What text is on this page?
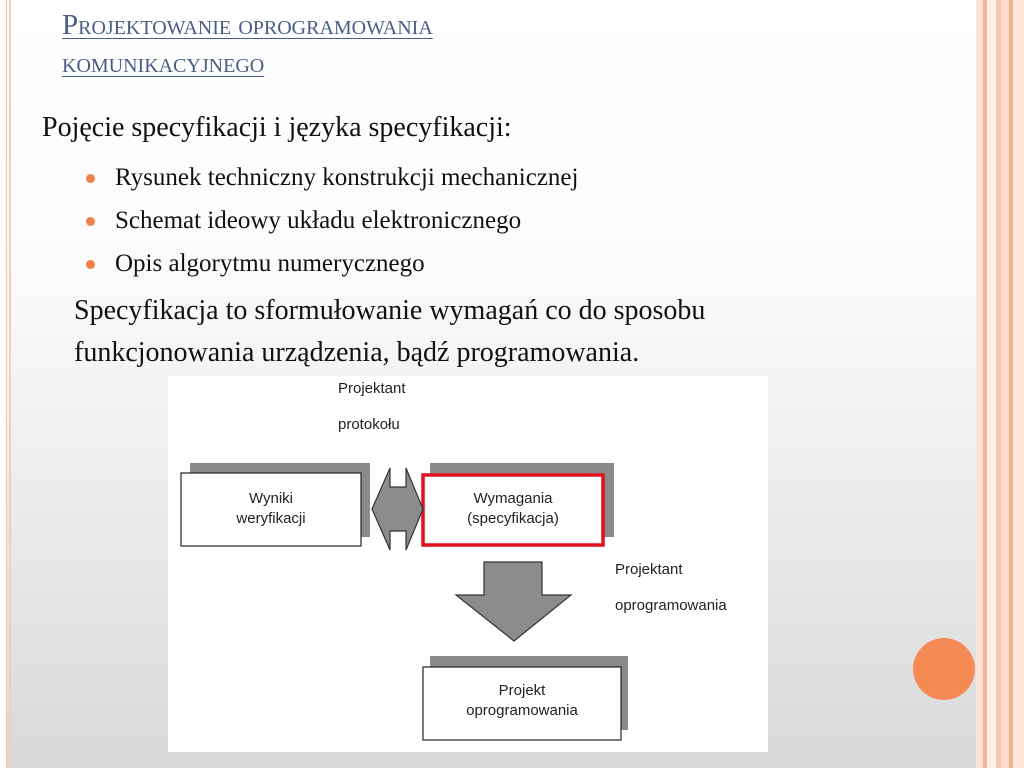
Projektowanie oprogramowania
komunikacyjnego
Pojęcie specyfikacji i języka specyfikacji:
Rysunek techniczny konstrukcji mechanicznej
Schemat ideowy układu elektronicznego
Opis algorytmu numerycznego
Specyfikacja to sformułowanie wymagań co do sposobu
funkcjonowania urządzenia, bądź programowania.
Projektant
protokołu
Wyniki
weryfikacji
Wymagania
(specyfikacja)
Projektant
oprogramowania
Projekt
oprogramowania
